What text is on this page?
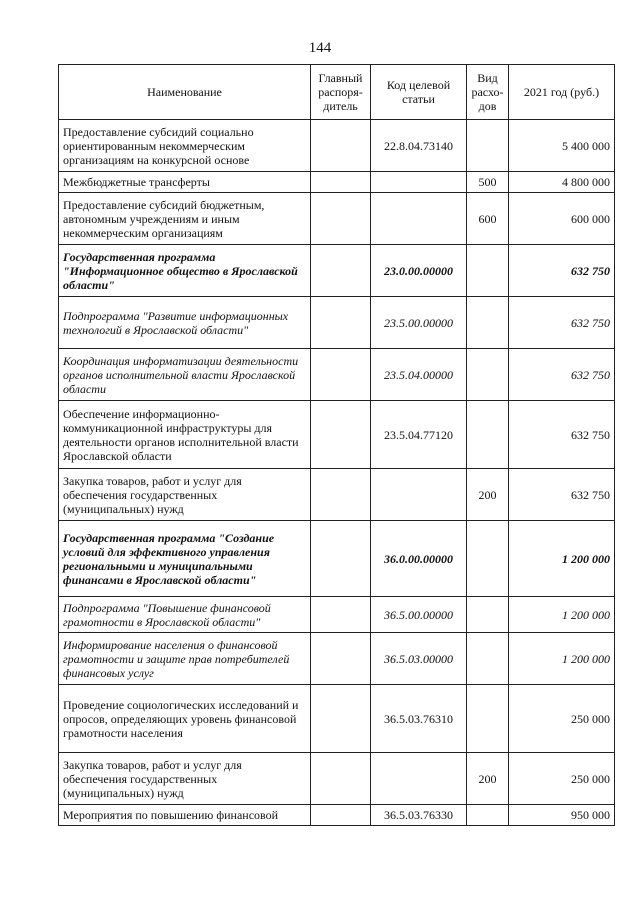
144
Наименование	Главный распоря-дитель	Код целевой статьи	Вид расхо-дов	2021 год (руб.)
Предоставление субсидий социально ориентированным некоммерческим организациям на конкурсной основе		22.8.04.73140		5 400 000
Межбюджетные трансферты			500	4 800 000
Предоставление субсидий бюджетным, автономным учреждениям и иным некоммерческим организациям			600	600 000
Государственная программа "Информационное общество в Ярославской области"		23.0.00.00000		632 750
Подпрограмма "Развитие информационных технологий в Ярославской области"		23.5.00.00000		632 750
Координация информатизации деятельности органов исполнительной власти Ярославской области		23.5.04.00000		632 750
Обеспечение информационно-коммуникационной инфраструктуры для деятельности органов исполнительной власти Ярославской области		23.5.04.77120		632 750
Закупка товаров, работ и услуг для обеспечения государственных (муниципальных) нужд			200	632 750
Государственная программа "Создание условий для эффективного управления региональными и муниципальными финансами в Ярославской области"		36.0.00.00000		1 200 000
Подпрограмма "Повышение финансовой грамотности в Ярославской области"		36.5.00.00000		1 200 000
Информирование населения о финансовой грамотности и защите прав потребителей финансовых услуг		36.5.03.00000		1 200 000
Проведение социологических исследований и опросов, определяющих уровень финансовой грамотности населения		36.5.03.76310		250 000
Закупка товаров, работ и услуг для обеспечения государственных (муниципальных) нужд			200	250 000
Мероприятия по повышению финансовой		36.5.03.76330		950 000
